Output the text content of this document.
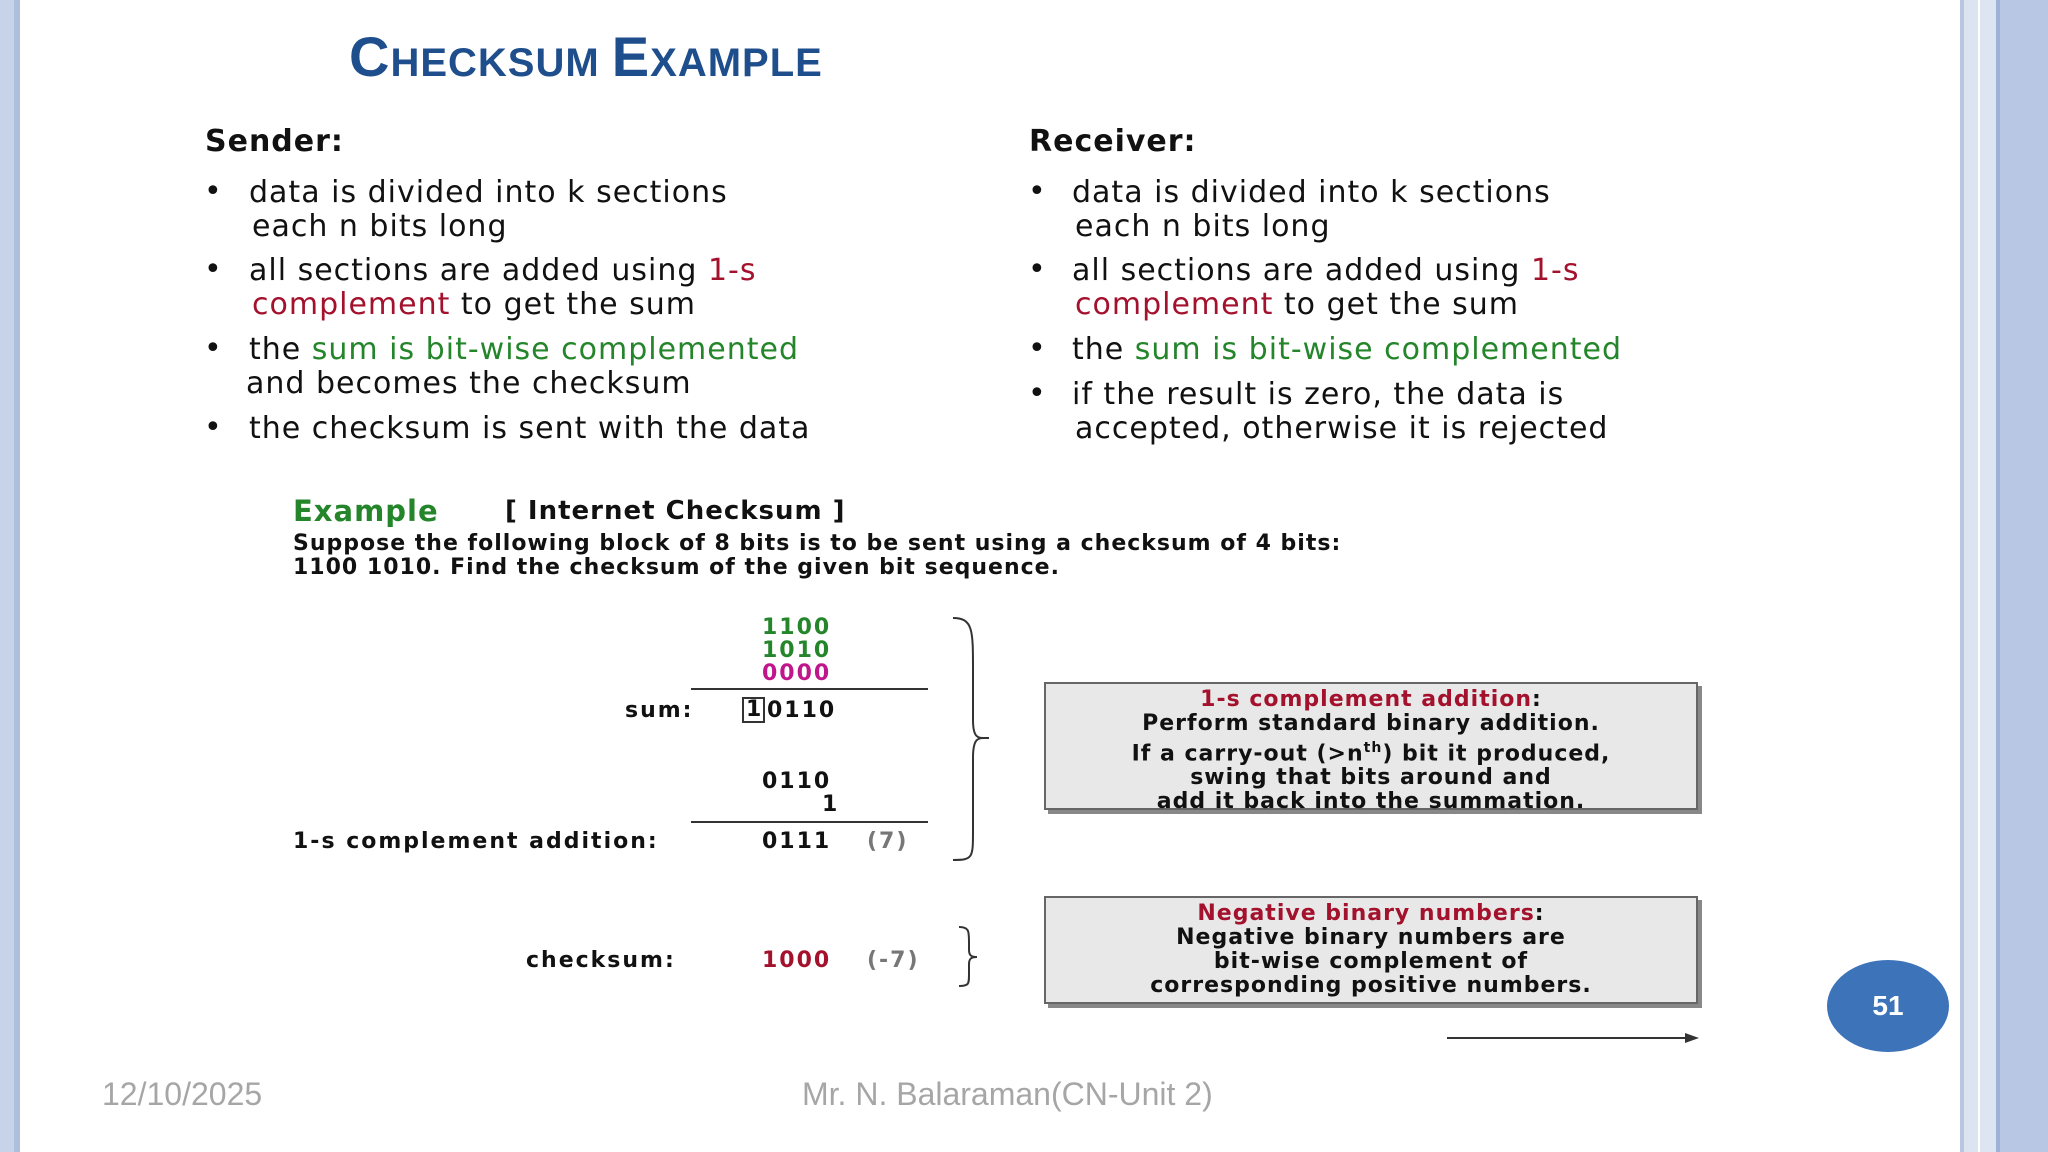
CHECKSUM EXAMPLE
Sender:
• data is divided into k sections
each n bits long
• all sections are added using 1-s
complement to get the sum
• the sum is bit-wise complemented
and becomes the checksum
• the checksum is sent with the data
Receiver:
• data is divided into k sections
each n bits long
• all sections are added using 1-s
complement to get the sum
• the sum is bit-wise complemented
• if the result is zero, the data is
accepted, otherwise it is rejected
Example	[ Internet Checksum ]
Suppose the following block of 8 bits is to be sent using a checksum of 4 bits:
1100 1010. Find the checksum of the given bit sequence.
1100
1010
0000
sum: 1 0110
0110
1
1-s complement addition:	0111 (7)
checksum:	1000 (-7)
1-s complement addition:
Perform standard binary addition.
If a carry-out $(>n^{th})$ bit it produced,
swing that bits around and
add it back into the summation.
Negative binary numbers:
Negative binary numbers are
bit-wise complement of
corresponding positive numbers.
51
12/10/2025	Mr. N. Balaraman(CN-Unit 2)
